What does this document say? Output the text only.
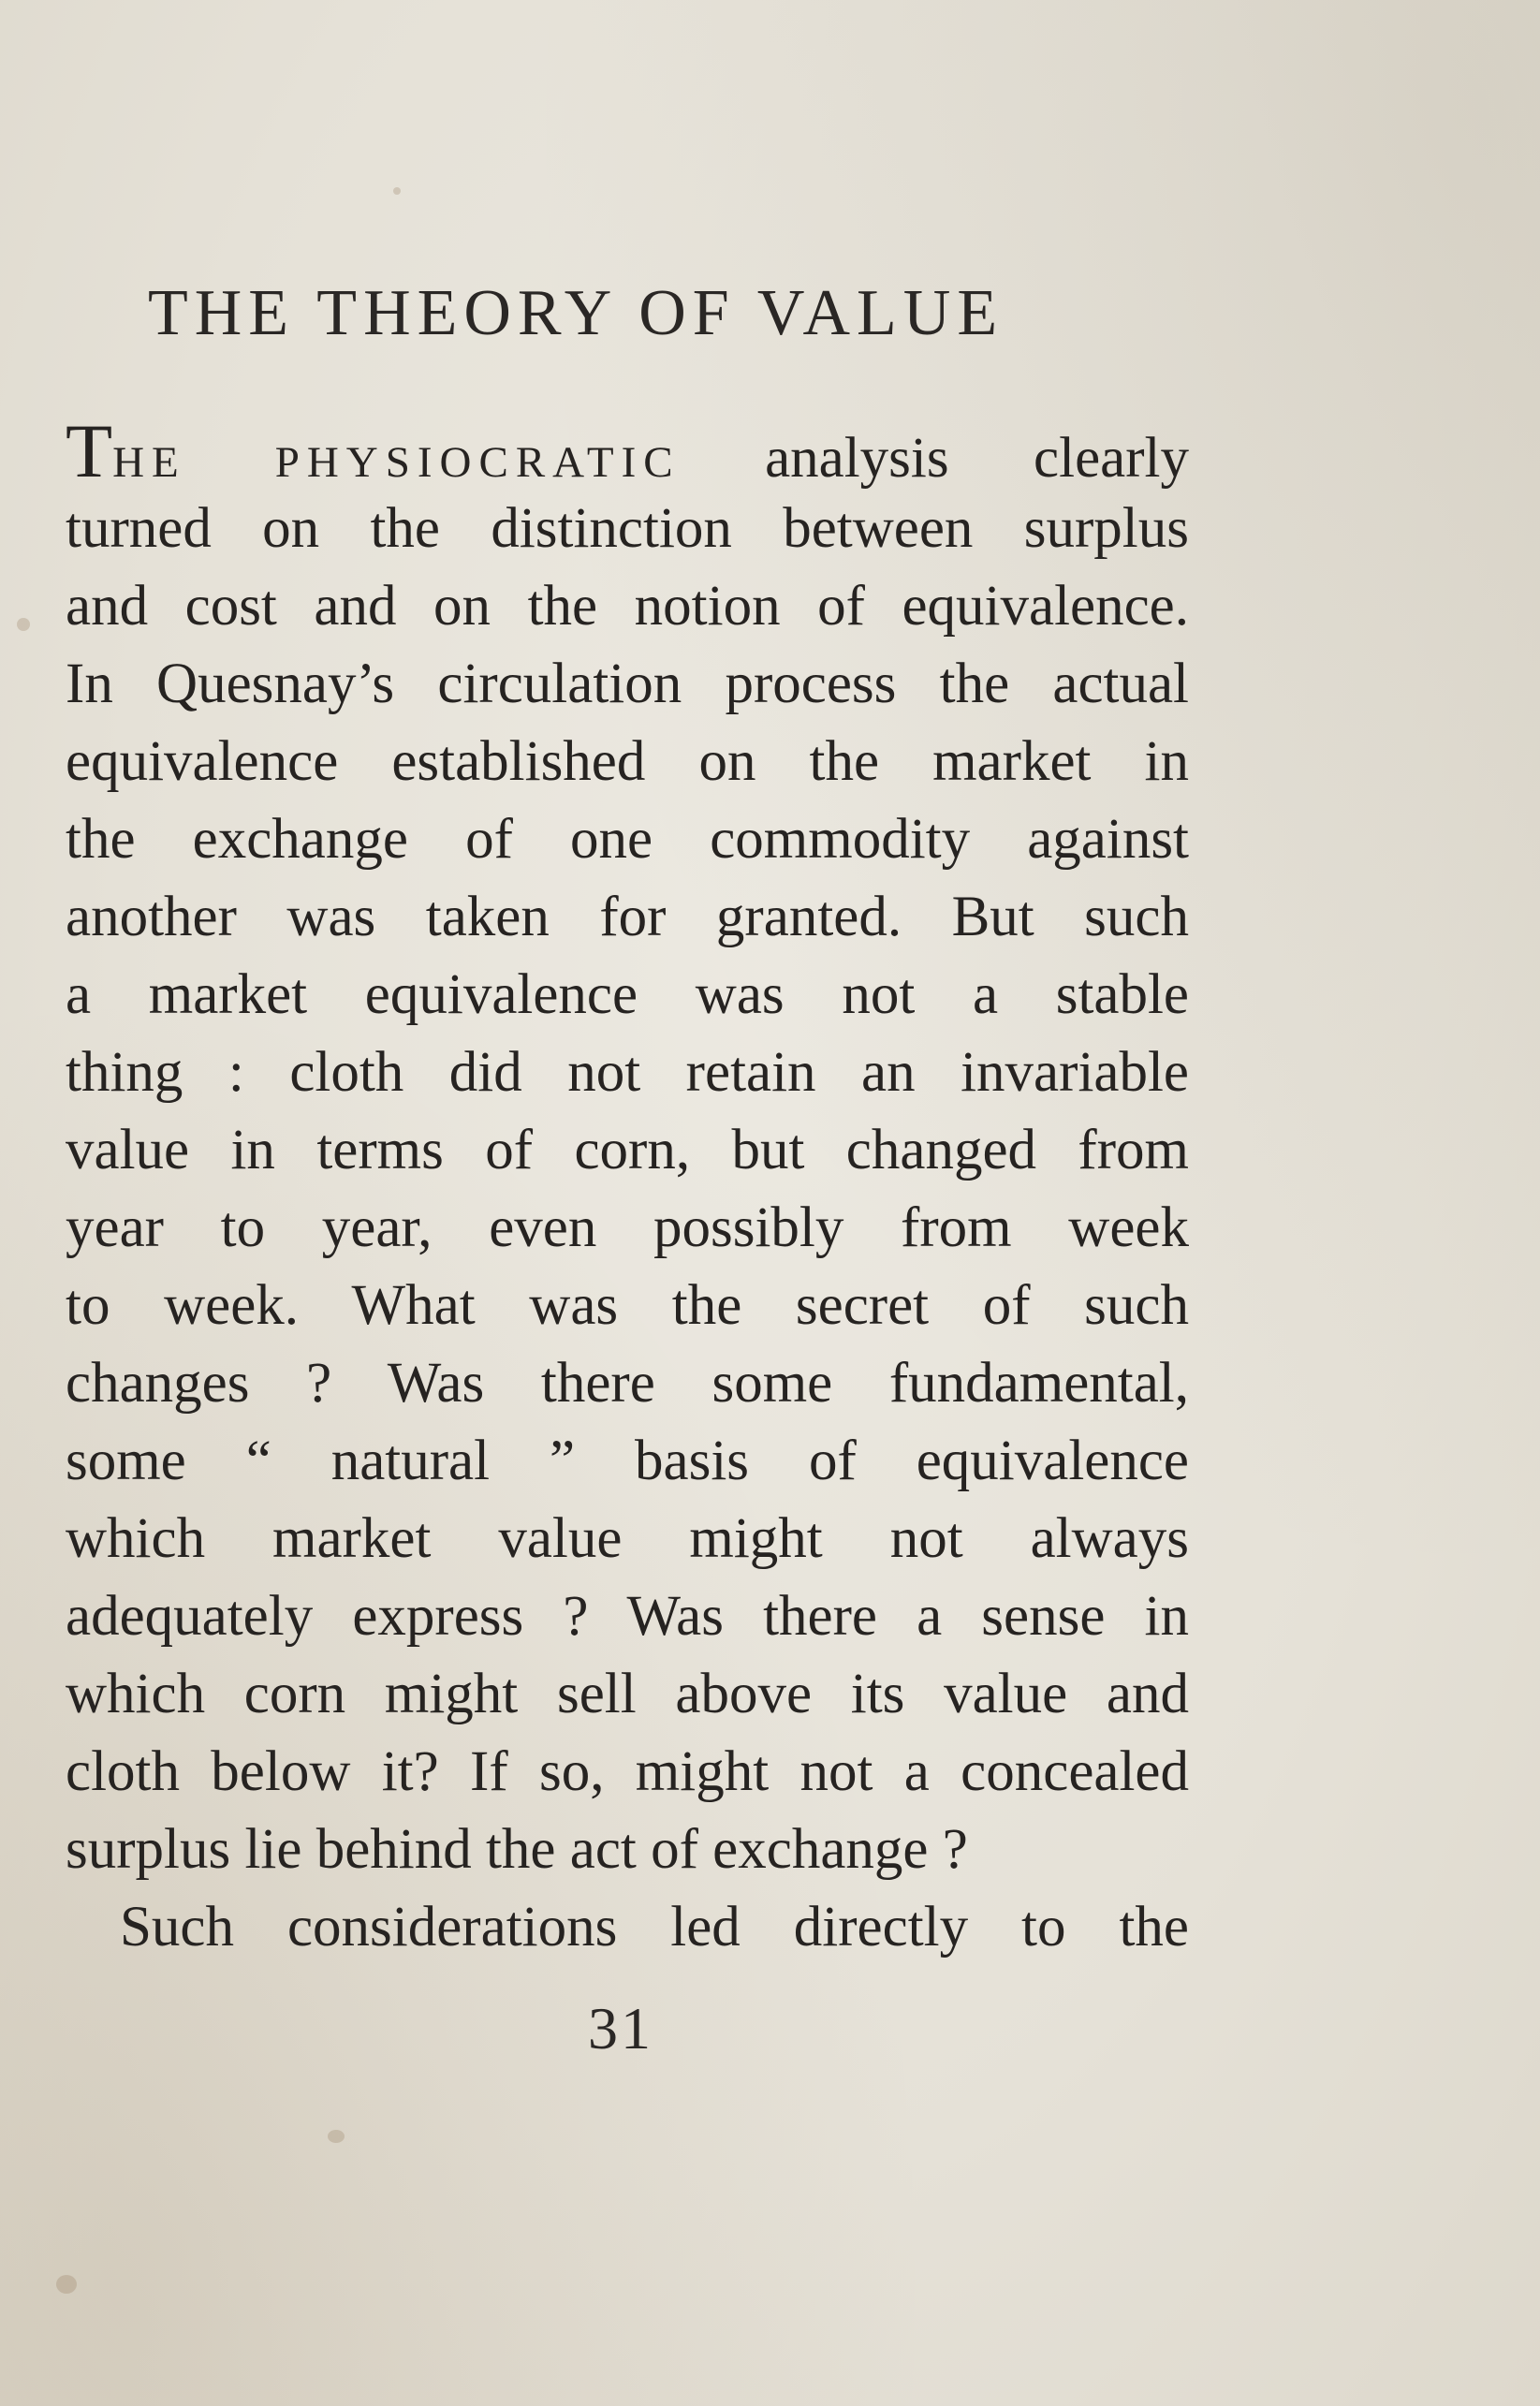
THE THEORY OF VALUE
THE PHYSIOCRATIC analysis clearly
turned on the distinction between surplus
and cost and on the notion of equivalence.
In Quesnay’s circulation process the actual
equivalence established on the market in
the exchange of one commodity against
another was taken for granted. But such
a market equivalence was not a stable
thing : cloth did not retain an invariable
value in terms of corn, but changed from
year to year, even possibly from week
to week. What was the secret of such
changes ? Was there some fundamental,
some “ natural ” basis of equivalence
which market value might not always
adequately express ? Was there a sense in
which corn might sell above its value and
cloth below it? If so, might not a concealed
surplus lie behind the act of exchange ?
Such considerations led directly to the
31
